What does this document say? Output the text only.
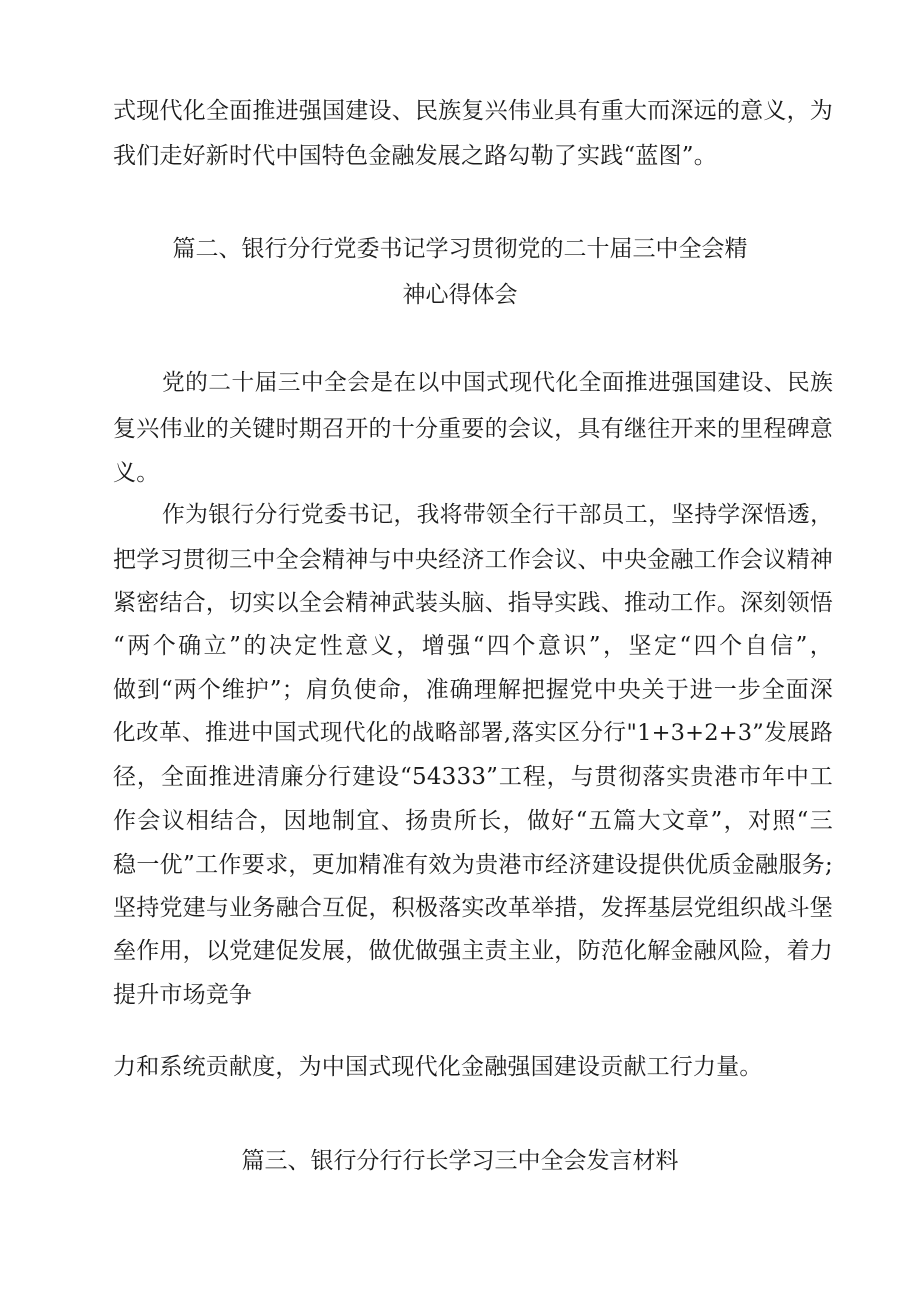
式现代化全面推进强国建设、民族复兴伟业具有重大而深远的意义，为
我们走好新时代中国特色金融发展之路勾勒了实践“蓝图”。
篇二、银行分行党委书记学习贯彻党的二十届三中全会精
神心得体会
党的二十届三中全会是在以中国式现代化全面推进强国建设、民族
复兴伟业的关键时期召开的十分重要的会议，具有继往开来的里程碑意
义。
作为银行分行党委书记，我将带领全行干部员工，坚持学深悟透，
把学习贯彻三中全会精神与中央经济工作会议、中央金融工作会议精神
紧密结合，切实以全会精神武装头脑、指导实践、推动工作。深刻领悟
“两个确立”的决定性意义，增强“四个意识”，坚定“四个自信”，
做到“两个维护”；肩负使命，准确理解把握党中央关于进一步全面深
化改革、推进中国式现代化的战略部署,落实区分行"1+3+2+3”发展路
径，全面推进清廉分行建设“54333”工程，与贯彻落实贵港市年中工
作会议相结合，因地制宜、扬贵所长，做好“五篇大文章”，对照“三
稳一优”工作要求，更加精准有效为贵港市经济建设提供优质金融服务;
坚持党建与业务融合互促，积极落实改革举措，发挥基层党组织战斗堡
垒作用，以党建促发展，做优做强主责主业，防范化解金融风险，着力
提升市场竞争
力和系统贡献度，为中国式现代化金融强国建设贡献工行力量。
篇三、银行分行行长学习三中全会发言材料
